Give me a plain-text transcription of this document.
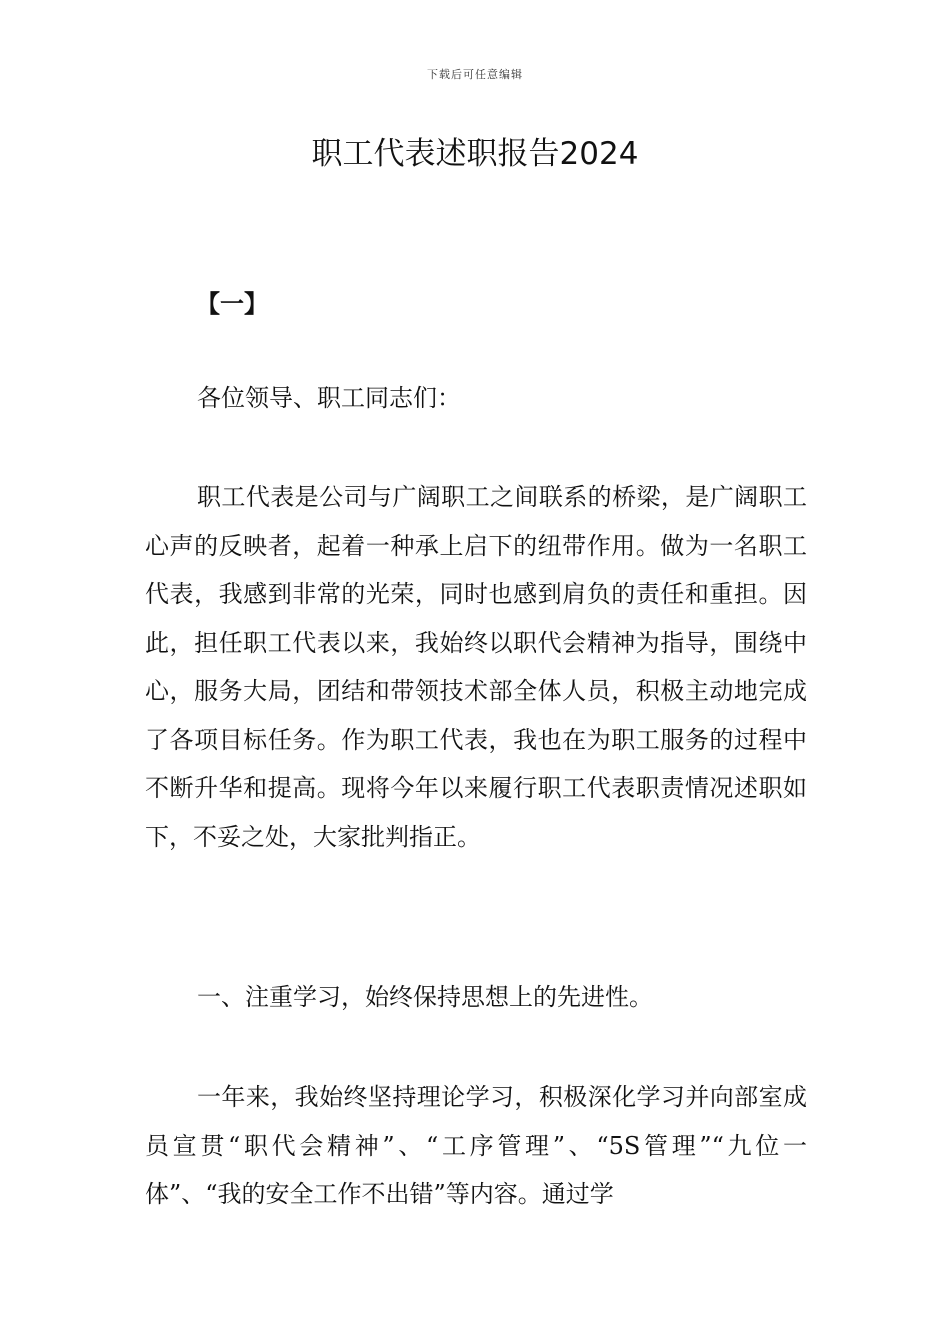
下载后可任意编辑
职工代表述职报告2024
【一】

各位领导、职工同志们：

职工代表是公司与广阔职工之间联系的桥梁，是广阔职工心声的反映者，起着一种承上启下的纽带作用。做为一名职工代表，我感到非常的光荣，同时也感到肩负的责任和重担。因此，担任职工代表以来，我始终以职代会精神为指导，围绕中心，服务大局，团结和带领技术部全体人员，积极主动地完成了各项目标任务。作为职工代表，我也在为职工服务的过程中不断升华和提高。现将今年以来履行职工代表职责情况述职如下，不妥之处，大家批判指正。

一、注重学习，始终保持思想上的先进性。

一年来，我始终坚持理论学习，积极深化学习并向部室成员宣贯“职代会精神”、“工序管理”、“5S管理”“九位一体”、“我的安全工作不出错”等内容。通过学
